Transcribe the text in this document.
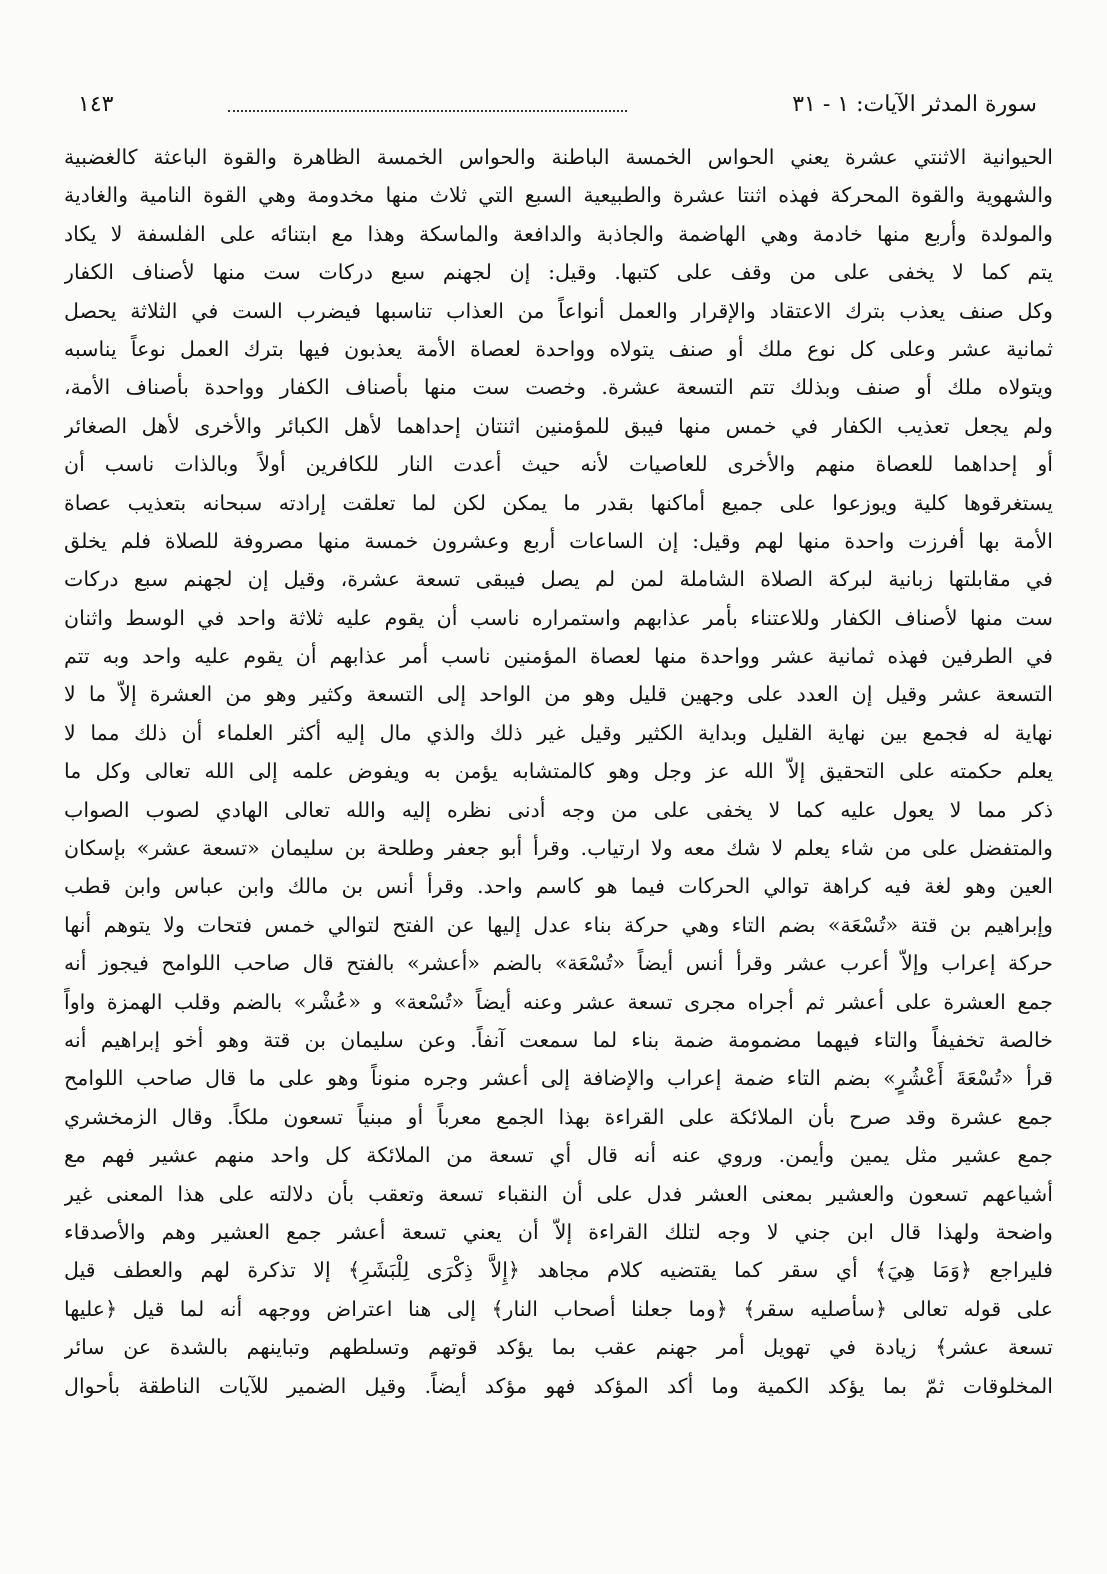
سورة المدثر الآيات: ١ - ٣١
١٤٣
الحيوانية الاثنتي عشرة يعني الحواس الخمسة الباطنة والحواس الخمسة الظاهرة والقوة الباعثة كالغضبية
والشهوية والقوة المحركة فهذه اثنتا عشرة والطبيعية السبع التي ثلاث منها مخدومة وهي القوة النامية والغادية
والمولدة وأربع منها خادمة وهي الهاضمة والجاذبة والدافعة والماسكة وهذا مع ابتنائه على الفلسفة لا يكاد
يتم كما لا يخفى على من وقف على كتبها. وقيل: إن لجهنم سبع دركات ست منها لأصناف الكفار
وكل صنف يعذب بترك الاعتقاد والإقرار والعمل أنواعاً من العذاب تناسبها فيضرب الست في الثلاثة يحصل
ثمانية عشر وعلى كل نوع ملك أو صنف يتولاه وواحدة لعصاة الأمة يعذبون فيها بترك العمل نوعاً يناسبه
ويتولاه ملك أو صنف وبذلك تتم التسعة عشرة. وخصت ست منها بأصناف الكفار وواحدة بأصناف الأمة،
ولم يجعل تعذيب الكفار في خمس منها فيبق للمؤمنين اثنتان إحداهما لأهل الكبائر والأخرى لأهل الصغائر
أو إحداهما للعصاة منهم والأخرى للعاصيات لأنه حيث أعدت النار للكافرين أولاً وبالذات ناسب أن
يستغرقوها كلية ويوزعوا على جميع أماكنها بقدر ما يمكن لكن لما تعلقت إرادته سبحانه بتعذيب عصاة
الأمة بها أفرزت واحدة منها لهم وقيل: إن الساعات أربع وعشرون خمسة منها مصروفة للصلاة فلم يخلق
في مقابلتها زبانية لبركة الصلاة الشاملة لمن لم يصل فيبقى تسعة عشرة، وقيل إن لجهنم سبع دركات
ست منها لأصناف الكفار وللاعتناء بأمر عذابهم واستمراره ناسب أن يقوم عليه ثلاثة واحد في الوسط واثنان
في الطرفين فهذه ثمانية عشر وواحدة منها لعصاة المؤمنين ناسب أمر عذابهم أن يقوم عليه واحد وبه تتم
التسعة عشر وقيل إن العدد على وجهين قليل وهو من الواحد إلى التسعة وكثير وهو من العشرة إلاّ ما لا
نهاية له فجمع بين نهاية القليل وبداية الكثير وقيل غير ذلك والذي مال إليه أكثر العلماء أن ذلك مما لا
يعلم حكمته على التحقيق إلاّ الله عز وجل وهو كالمتشابه يؤمن به ويفوض علمه إلى الله تعالى وكل ما
ذكر مما لا يعول عليه كما لا يخفى على من وجه أدنى نظره إليه والله تعالى الهادي لصوب الصواب
والمتفضل على من شاء يعلم لا شك معه ولا ارتياب. وقرأ أبو جعفر وطلحة بن سليمان «تسعة عشر» بإسكان
العين وهو لغة فيه كراهة توالي الحركات فيما هو كاسم واحد. وقرأ أنس بن مالك وابن عباس وابن قطب
وإبراهيم بن قتة «تُسْعَة» بضم التاء وهي حركة بناء عدل إليها عن الفتح لتوالي خمس فتحات ولا يتوهم أنها
حركة إعراب وإلاّ أعرب عشر وقرأ أنس أيضاً «تُسْعَة» بالضم «أعشر» بالفتح قال صاحب اللوامح فيجوز أنه
جمع العشرة على أعشر ثم أجراه مجرى تسعة عشر وعنه أيضاً «تُسْعة» و «عُشْر» بالضم وقلب الهمزة واواً
خالصة تخفيفاً والتاء فيهما مضمومة ضمة بناء لما سمعت آنفاً. وعن سليمان بن قتة وهو أخو إبراهيم أنه
قرأ «تُسْعَةَ أَعْشُرٍ» بضم التاء ضمة إعراب والإضافة إلى أعشر وجره منوناً وهو على ما قال صاحب اللوامح
جمع عشرة وقد صرح بأن الملائكة على القراءة بهذا الجمع معرباً أو مبنياً تسعون ملكاً. وقال الزمخشري
جمع عشير مثل يمين وأيمن. وروي عنه أنه قال أي تسعة من الملائكة كل واحد منهم عشير فهم مع
أشياعهم تسعون والعشير بمعنى العشر فدل على أن النقباء تسعة وتعقب بأن دلالته على هذا المعنى غير
واضحة ولهذا قال ابن جني لا وجه لتلك القراءة إلاّ أن يعني تسعة أعشر جمع العشير وهم والأصدقاء
فليراجع ﴿وَمَا هِيَ﴾ أي سقر كما يقتضيه كلام مجاهد ﴿إِلاَّ ذِكْرَى لِلْبَشَرِ﴾ إلا تذكرة لهم والعطف قيل
على قوله تعالى ﴿سأصليه سقر﴾ ﴿وما جعلنا أصحاب النار﴾ إلى هنا اعتراض ووجهه أنه لما قيل ﴿عليها
تسعة عشر﴾ زيادة في تهويل أمر جهنم عقب بما يؤكد قوتهم وتسلطهم وتباينهم بالشدة عن سائر
المخلوقات ثمّ بما يؤكد الكمية وما أكد المؤكد فهو مؤكد أيضاً. وقيل الضمير للآيات الناطقة بأحوال
